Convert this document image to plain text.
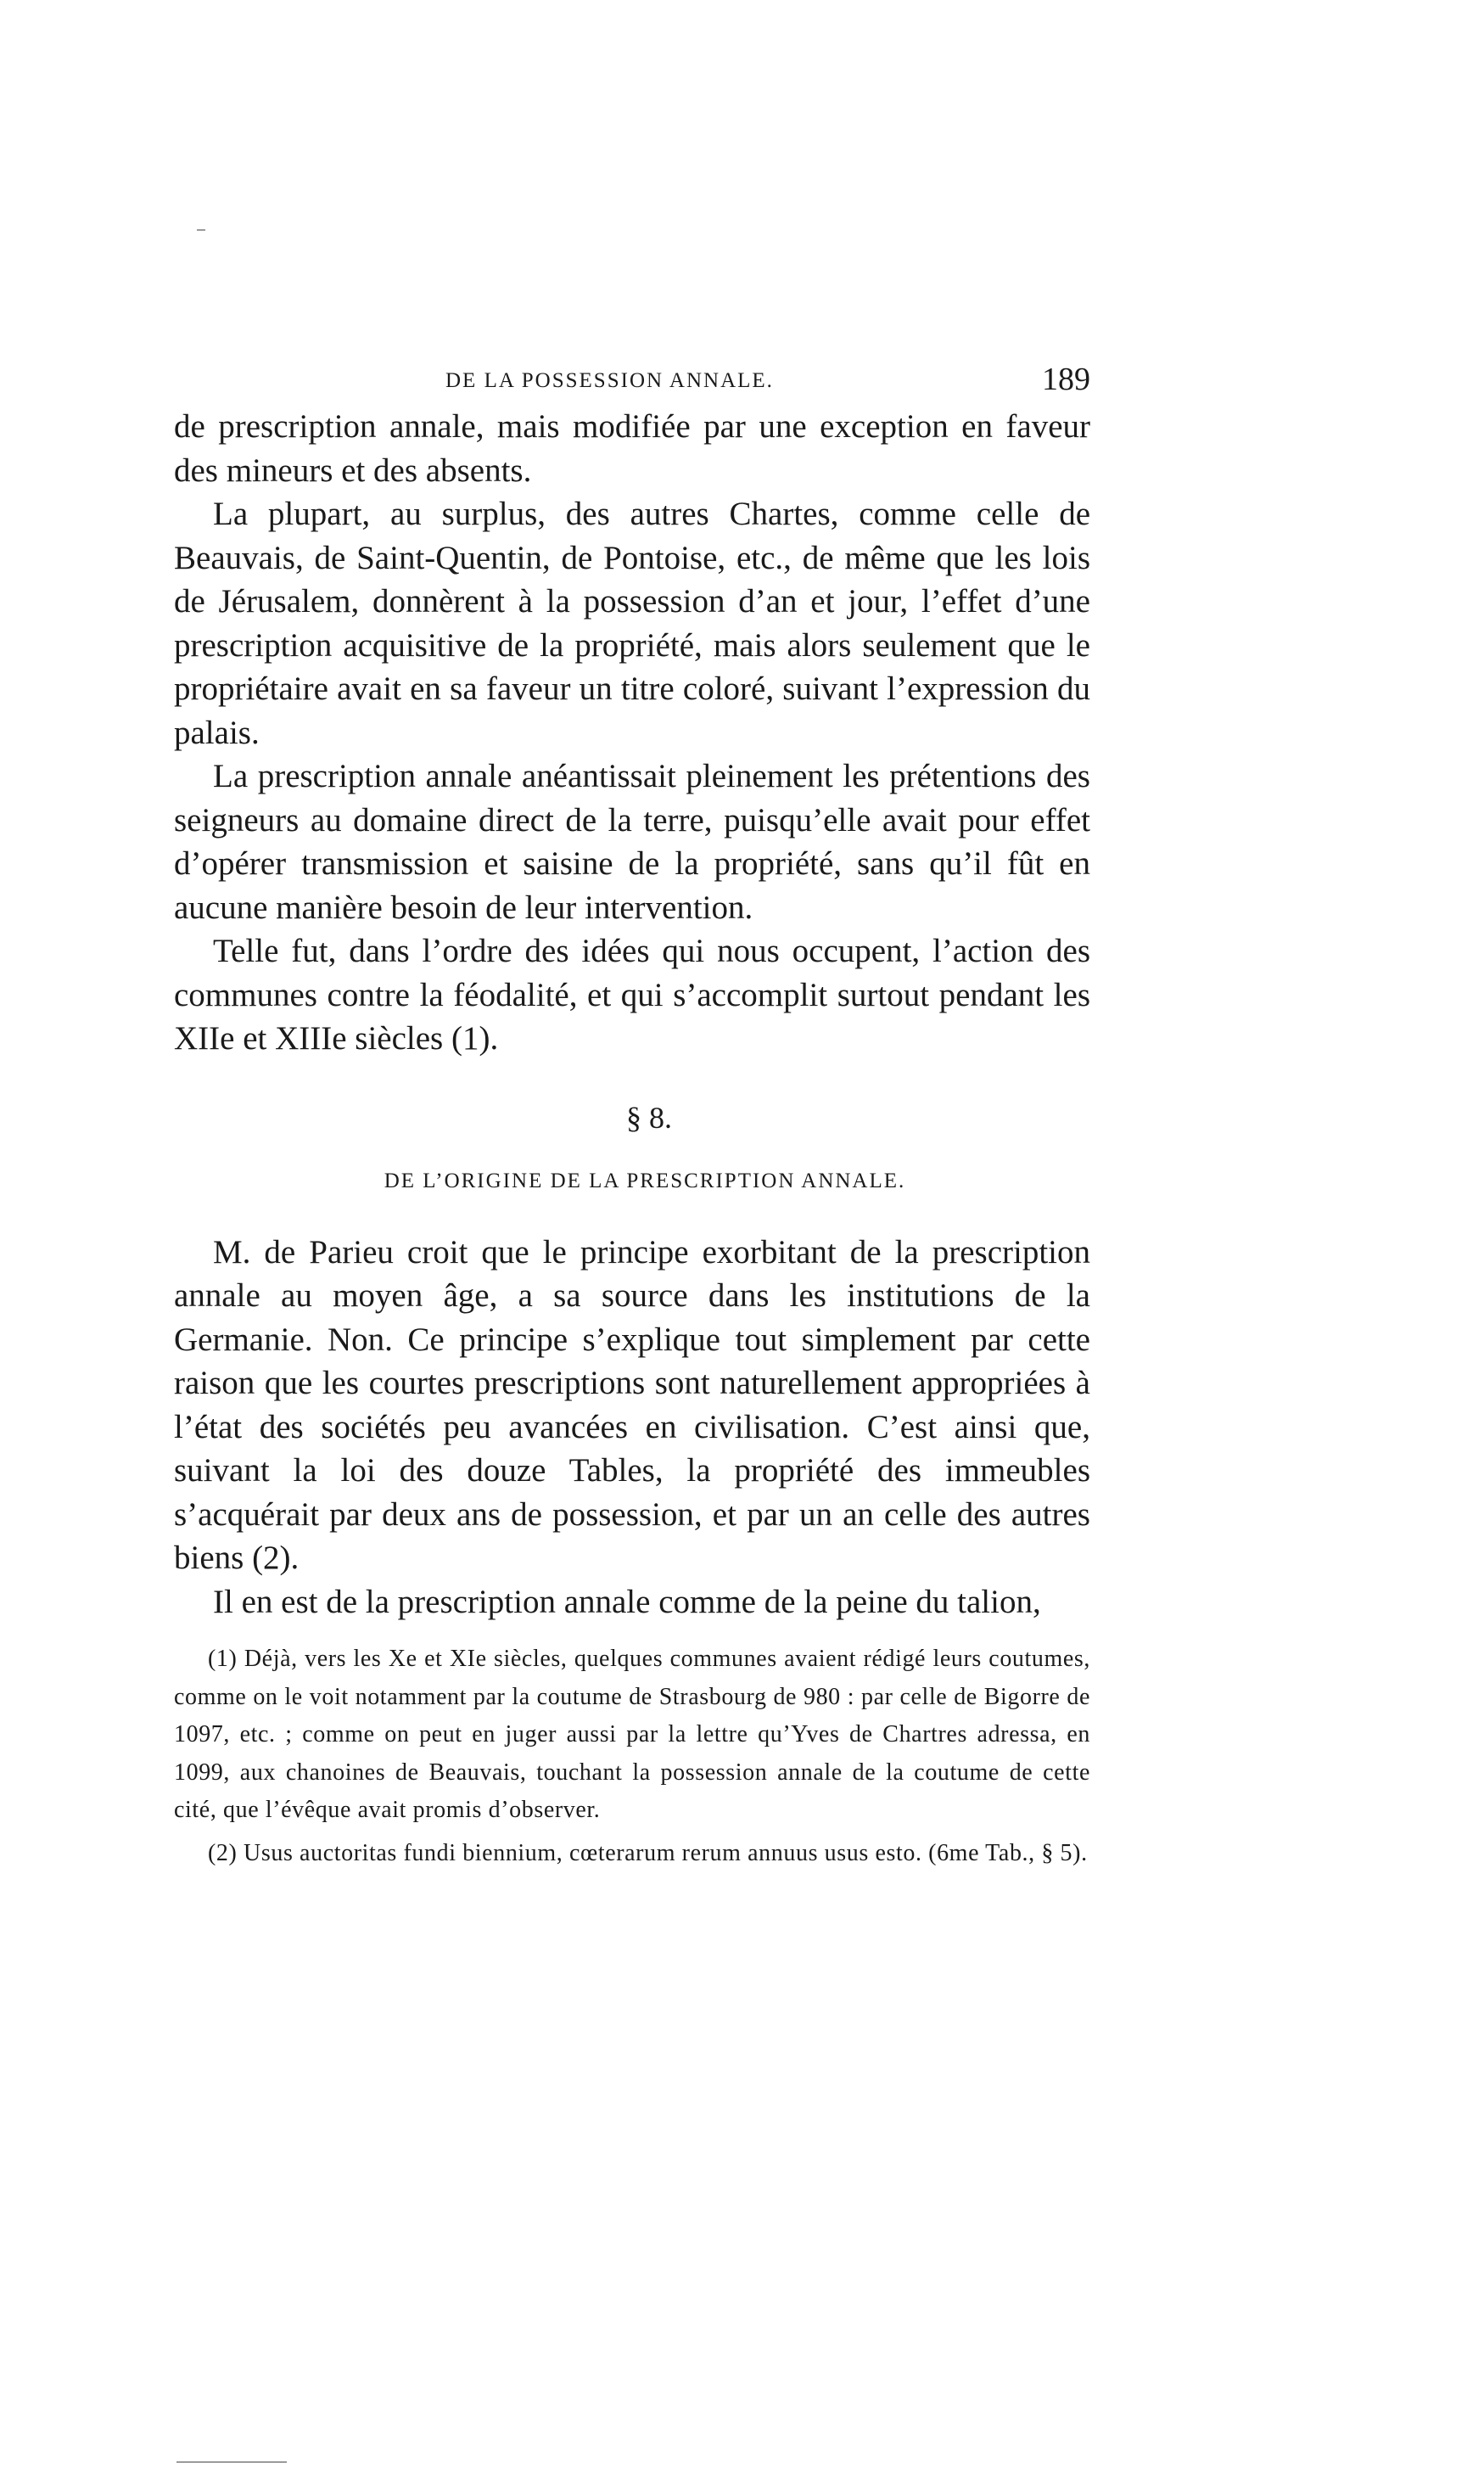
DE LA POSSESSION ANNALE.	189

de prescription annale, mais modifiée par une exception en faveur des mineurs et des absents.

La plupart, au surplus, des autres Chartes, comme celle de Beauvais, de Saint-Quentin, de Pontoise, etc., de même que les lois de Jérusalem, donnèrent à la possession d’an et jour, l’effet d’une prescription acquisitive de la propriété, mais alors seulement que le propriétaire avait en sa faveur un titre coloré, suivant l’expression du palais.

La prescription annale anéantissait pleinement les prétentions des seigneurs au domaine direct de la terre, puisqu’elle avait pour effet d’opérer transmission et saisine de la propriété, sans qu’il fût en aucune manière besoin de leur intervention.

Telle fut, dans l’ordre des idées qui nous occupent, l’action des communes contre la féodalité, et qui s’accomplit surtout pendant les XIIe et XIIIe siècles (1).

§ 8.
DE L’ORIGINE DE LA PRESCRIPTION ANNALE.

M. de Parieu croit que le principe exorbitant de la prescription annale au moyen âge, a sa source dans les institutions de la Germanie. Non. Ce principe s’explique tout simplement par cette raison que les courtes prescriptions sont naturellement appropriées à l’état des sociétés peu avancées en civilisation. C’est ainsi que, suivant la loi des douze Tables, la propriété des immeubles s’acquérait par deux ans de possession, et par un an celle des autres biens (2).

Il en est de la prescription annale comme de la peine du talion,

(1) Déjà, vers les Xe et XIe siècles, quelques communes avaient rédigé leurs coutumes, comme on le voit notamment par la coutume de Strasbourg de 980 : par celle de Bigorre de 1097, etc. ; comme on peut en juger aussi par la lettre qu’Yves de Chartres adressa, en 1099, aux chanoines de Beauvais, touchant la possession annale de la coutume de cette cité, que l’évêque avait promis d’observer.

(2) Usus auctoritas fundi biennium, cœterarum rerum annuus usus esto. (6me Tab., § 5).
